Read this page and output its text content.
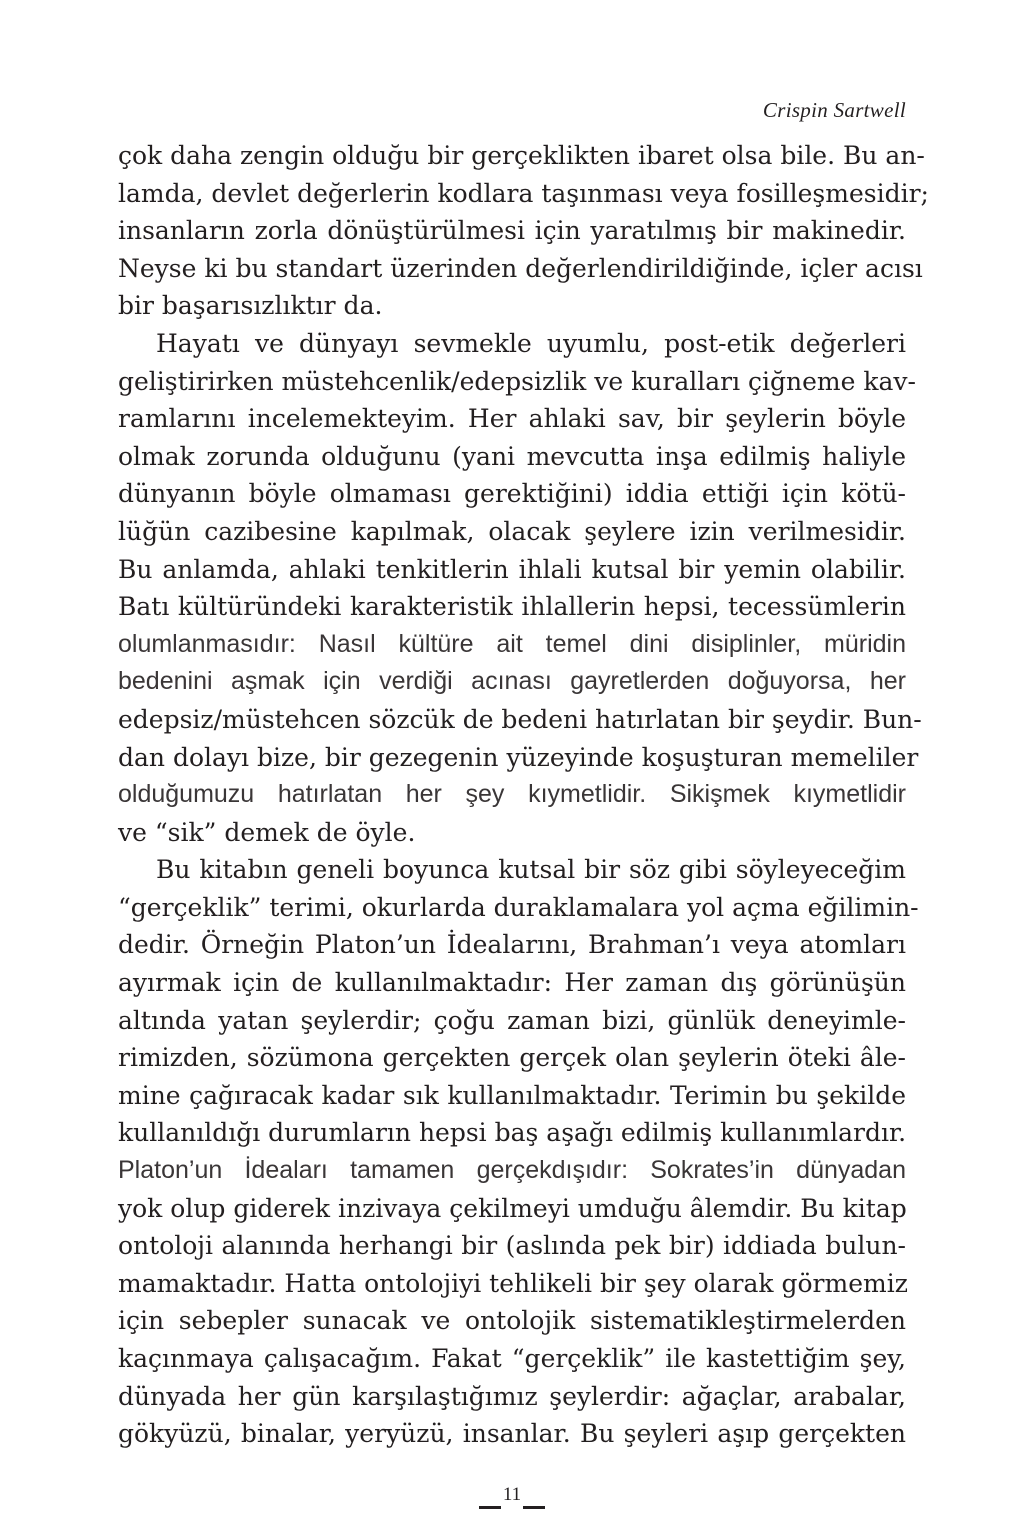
Crispin Sartwell
çok daha zengin olduğu bir gerçeklikten ibaret olsa bile. Bu an-
lamda, devlet değerlerin kodlara taşınması veya fosilleşmesidir;
insanların zorla dönüştürülmesi için yaratılmış bir makinedir.
Neyse ki bu standart üzerinden değerlendirildiğinde, içler acısı
bir başarısızlıktır da.
Hayatı ve dünyayı sevmekle uyumlu, post-etik değerleri
geliştirirken müstehcenlik/edepsizlik ve kuralları çiğneme kav-
ramlarını incelemekteyim. Her ahlaki sav, bir şeylerin böyle
olmak zorunda olduğunu (yani mevcutta inşa edilmiş haliyle
dünyanın böyle olmaması gerektiğini) iddia ettiği için kötü-
lüğün cazibesine kapılmak, olacak şeylere izin verilmesidir.
Bu anlamda, ahlaki tenkitlerin ihlali kutsal bir yemin olabilir.
Batı kültüründeki karakteristik ihlallerin hepsi, tecessümlerin
olumlanmasıdır: Nasıl kültüre ait temel dini disiplinler, müridin
bedenini aşmak için verdiği acınası gayretlerden doğuyorsa, her
edepsiz/müstehcen sözcük de bedeni hatırlatan bir şeydir. Bun-
dan dolayı bize, bir gezegenin yüzeyinde koşuşturan memeliler
olduğumuzu hatırlatan her şey kıymetlidir. Sikişmek kıymetlidir
ve “sik” demek de öyle.
Bu kitabın geneli boyunca kutsal bir söz gibi söyleyeceğim
“gerçeklik” terimi, okurlarda duraklamalara yol açma eğilimin-
dedir. Örneğin Platon’un İdealarını, Brahman’ı veya atomları
ayırmak için de kullanılmaktadır: Her zaman dış görünüşün
altında yatan şeylerdir; çoğu zaman bizi, günlük deneyimle-
rimizden, sözümona gerçekten gerçek olan şeylerin öteki âle-
mine çağıracak kadar sık kullanılmaktadır. Terimin bu şekilde
kullanıldığı durumların hepsi baş aşağı edilmiş kullanımlardır.
Platon’un İdeaları tamamen gerçekdışıdır: Sokrates’in dünyadan
yok olup giderek inzivaya çekilmeyi umduğu âlemdir. Bu kitap
ontoloji alanında herhangi bir (aslında pek bir) iddiada bulun-
mamaktadır. Hatta ontolojiyi tehlikeli bir şey olarak görmemiz
için sebepler sunacak ve ontolojik sistematikleştirmelerden
kaçınmaya çalışacağım. Fakat “gerçeklik” ile kastettiğim şey,
dünyada her gün karşılaştığımız şeylerdir: ağaçlar, arabalar,
gökyüzü, binalar, yeryüzü, insanlar. Bu şeyleri aşıp gerçekten
11
